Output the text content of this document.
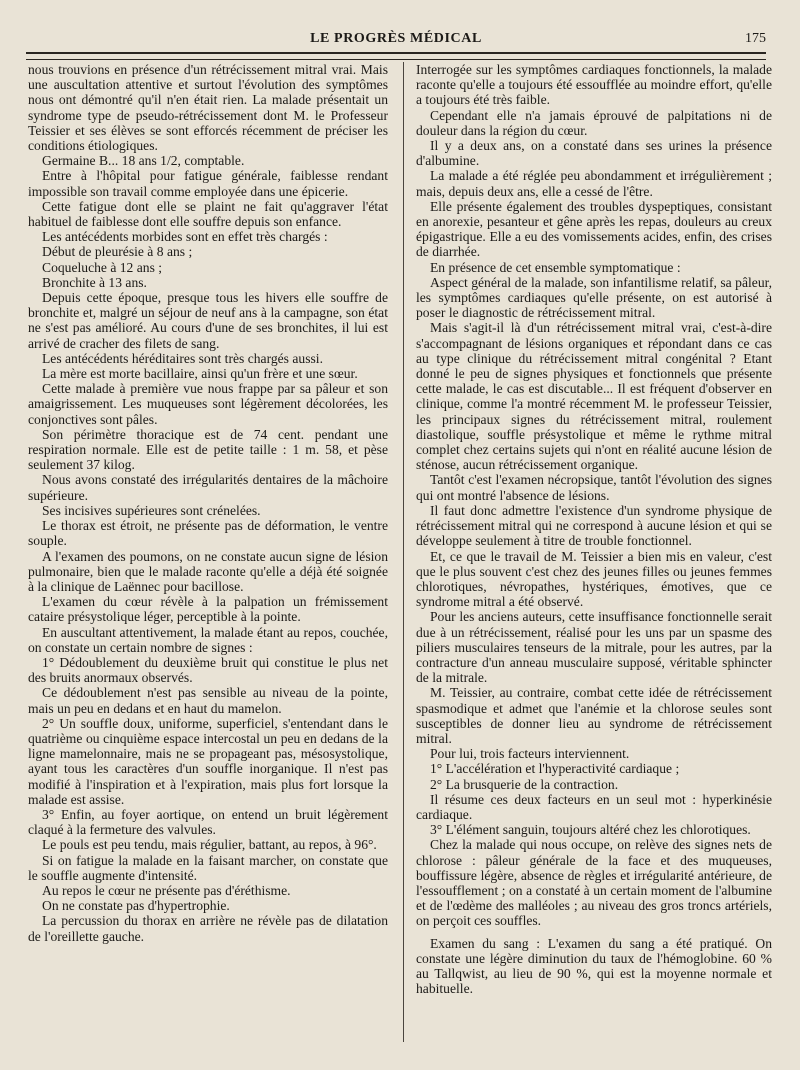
LE PROGRÈS MÉDICAL	175

nous trouvions en présence d'un rétrécissement mitral vrai. Mais une auscultation attentive et surtout l'évolution des symptômes nous ont démontré qu'il n'en était rien. La malade présentait un syndrome type de pseudo-rétrécissement dont M. le Professeur Teissier et ses élèves se sont efforcés récemment de préciser les conditions étiologiques.

Germaine B... 18 ans 1/2, comptable.

Entre à l'hôpital pour fatigue générale, faiblesse rendant impossible son travail comme employée dans une épicerie.

Cette fatigue dont elle se plaint ne fait qu'aggraver l'état habituel de faiblesse dont elle souffre depuis son enfance.

Les antécédents morbides sont en effet très chargés :

Début de pleurésie à 8 ans ;

Coqueluche à 12 ans ;

Bronchite à 13 ans.

Depuis cette époque, presque tous les hivers elle souffre de bronchite et, malgré un séjour de neuf ans à la campagne, son état ne s'est pas amélioré. Au cours d'une de ses bronchites, il lui est arrivé de cracher des filets de sang.

Les antécédents héréditaires sont très chargés aussi.

La mère est morte bacillaire, ainsi qu'un frère et une sœur.

Cette malade à première vue nous frappe par sa pâleur et son amaigrissement. Les muqueuses sont légèrement décolorées, les conjonctives sont pâles.

Son périmètre thoracique est de 74 cent. pendant une respiration normale. Elle est de petite taille : 1 m. 58, et pèse seulement 37 kilog.

Nous avons constaté des irrégularités dentaires de la mâchoire supérieure.

Ses incisives supérieures sont crénelées.

Le thorax est étroit, ne présente pas de déformation, le ventre souple.

A l'examen des poumons, on ne constate aucun signe de lésion pulmonaire, bien que le malade raconte qu'elle a déjà été soignée à la clinique de Laënnec pour bacillose.

L'examen du cœur révèle à la palpation un frémissement cataire présystolique léger, perceptible à la pointe.

En auscultant attentivement, la malade étant au repos, couchée, on constate un certain nombre de signes :

1° Dédoublement du deuxième bruit qui constitue le plus net des bruits anormaux observés.

Ce dédoublement n'est pas sensible au niveau de la pointe, mais un peu en dedans et en haut du mamelon.

2° Un souffle doux, uniforme, superficiel, s'entendant dans le quatrième ou cinquième espace intercostal un peu en dedans de la ligne mamelonnaire, mais ne se propageant pas, mésosystolique, ayant tous les caractères d'un souffle inorganique. Il n'est pas modifié à l'inspiration et à l'expiration, mais plus fort lorsque la malade est assise.

3° Enfin, au foyer aortique, on entend un bruit légèrement claqué à la fermeture des valvules.

Le pouls est peu tendu, mais régulier, battant, au repos, à 96°.

Si on fatigue la malade en la faisant marcher, on constate que le souffle augmente d'intensité.

Au repos le cœur ne présente pas d'éréthisme.

On ne constate pas d'hypertrophie.

La percussion du thorax en arrière ne révèle pas de dilatation de l'oreillette gauche.

Interrogée sur les symptômes cardiaques fonctionnels, la malade raconte qu'elle a toujours été essoufflée au moindre effort, qu'elle a toujours été très faible.

Cependant elle n'a jamais éprouvé de palpitations ni de douleur dans la région du cœur.

Il y a deux ans, on a constaté dans ses urines la présence d'albumine.

La malade a été réglée peu abondamment et irrégulièrement ; mais, depuis deux ans, elle a cessé de l'être.

Elle présente également des troubles dyspeptiques, consistant en anorexie, pesanteur et gêne après les repas, douleurs au creux épigastrique. Elle a eu des vomissements acides, enfin, des crises de diarrhée.

En présence de cet ensemble symptomatique :

Aspect général de la malade, son infantilisme relatif, sa pâleur, les symptômes cardiaques qu'elle présente, on est autorisé à poser le diagnostic de rétrécissement mitral.

Mais s'agit-il là d'un rétrécissement mitral vrai, c'est-à-dire s'accompagnant de lésions organiques et répondant dans ce cas au type clinique du rétrécissement mitral congénital ? Etant donné le peu de signes physiques et fonctionnels que présente cette malade, le cas est discutable... Il est fréquent d'observer en clinique, comme l'a montré récemment M. le professeur Teissier, les principaux signes du rétrécissement mitral, roulement diastolique, souffle présystolique et même le rythme mitral complet chez certains sujets qui n'ont en réalité aucune lésion de sténose, aucun rétrécissement organique.

Tantôt c'est l'examen nécropsique, tantôt l'évolution des signes qui ont montré l'absence de lésions.

Il faut donc admettre l'existence d'un syndrome physique de rétrécissement mitral qui ne correspond à aucune lésion et qui se développe seulement à titre de trouble fonctionnel.

Et, ce que le travail de M. Teissier a bien mis en valeur, c'est que le plus souvent c'est chez des jeunes filles ou jeunes femmes chlorotiques, névropathes, hystériques, émotives, que ce syndrome mitral a été observé.

Pour les anciens auteurs, cette insuffisance fonctionnelle serait due à un rétrécissement, réalisé pour les uns par un spasme des piliers musculaires tenseurs de la mitrale, pour les autres, par la contracture d'un anneau musculaire supposé, véritable sphincter de la mitrale.

M. Teissier, au contraire, combat cette idée de rétrécissement spasmodique et admet que l'anémie et la chlorose seules sont susceptibles de donner lieu au syndrome de rétrécissement mitral.

Pour lui, trois facteurs interviennent.

1° L'accélération et l'hyperactivité cardiaque ;

2° La brusquerie de la contraction.

Il résume ces deux facteurs en un seul mot : hyperkinésie cardiaque.

3° L'élément sanguin, toujours altéré chez les chlorotiques.

Chez la malade qui nous occupe, on relève des signes nets de chlorose : pâleur générale de la face et des muqueuses, bouffissure légère, absence de règles et irrégularité antérieure, de l'essoufflement ; on a constaté à un certain moment de l'albumine et de l'œdème des malléoles ; au niveau des gros troncs artériels, on perçoit ces souffles.

Examen du sang : L'examen du sang a été pratiqué. On constate une légère diminution du taux de l'hémoglobine. 60 % au Tallqwist, au lieu de 90 %, qui est la moyenne normale et habituelle.
